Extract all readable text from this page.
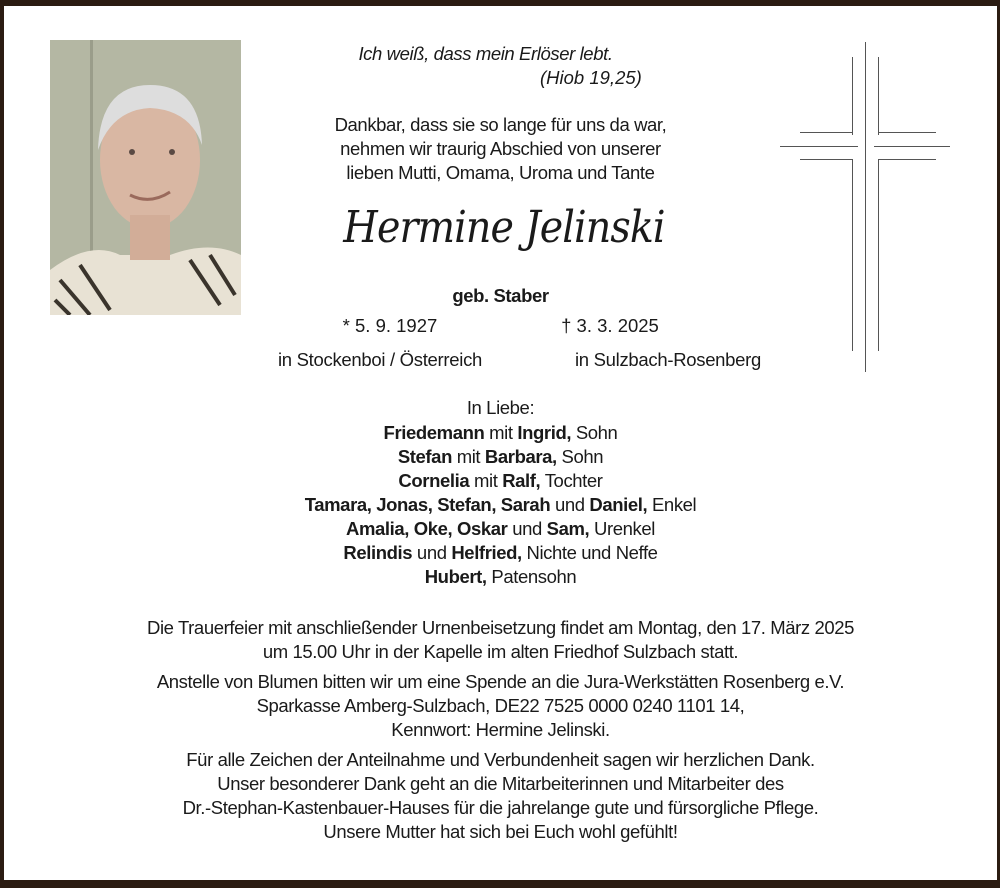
Ich weiß, dass mein Erlöser lebt.
(Hiob 19,25)
Dankbar, dass sie so lange für uns da war,
nehmen wir traurig Abschied von unserer
lieben Mutti, Omama, Uroma und Tante
Hermine Jelinski
geb. Staber
* 5. 9. 1927	† 3. 3. 2025
in Stockenboi / Österreich	in Sulzbach-Rosenberg
In Liebe:
Friedemann mit Ingrid, Sohn
Stefan mit Barbara, Sohn
Cornelia mit Ralf, Tochter
Tamara, Jonas, Stefan, Sarah und Daniel, Enkel
Amalia, Oke, Oskar und Sam, Urenkel
Relindis und Helfried, Nichte und Neffe
Hubert, Patensohn
Die Trauerfeier mit anschließender Urnenbeisetzung findet am Montag, den 17. März 2025
um 15.00 Uhr in der Kapelle im alten Friedhof Sulzbach statt.
Anstelle von Blumen bitten wir um eine Spende an die Jura-Werkstätten Rosenberg e.V.
Sparkasse Amberg-Sulzbach, DE22 7525 0000 0240 1101 14,
Kennwort: Hermine Jelinski.
Für alle Zeichen der Anteilnahme und Verbundenheit sagen wir herzlichen Dank.
Unser besonderer Dank geht an die Mitarbeiterinnen und Mitarbeiter des
Dr.-Stephan-Kastenbauer-Hauses für die jahrelange gute und fürsorgliche Pflege.
Unsere Mutter hat sich bei Euch wohl gefühlt!
